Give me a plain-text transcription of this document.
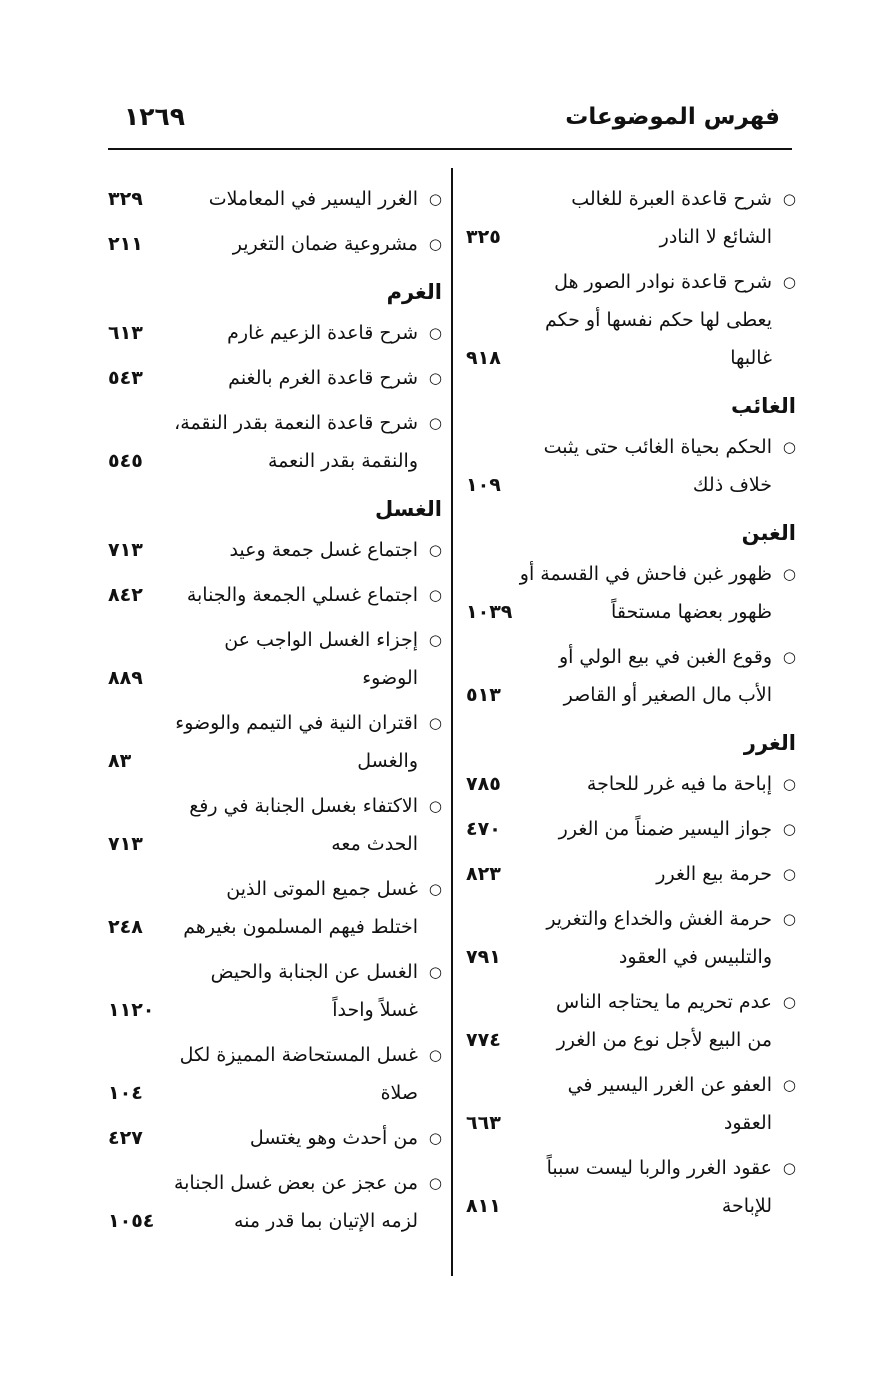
فهرس الموضوعات
١٢٦٩
○
شرح قاعدة العبرة للغالب
الشائع لا النادر
٣٢٥
○
شرح قاعدة نوادر الصور هل
يعطى لها حكم نفسها أو حكم
غالبها
٩١٨
الغائب
○
الحكم بحياة الغائب حتى يثبت
خلاف ذلك
١٠٩
الغبن
○
ظهور غبن فاحش في القسمة أو
ظهور بعضها مستحقاً
١٠٣٩
○
وقوع الغبن في بيع الولي أو
الأب مال الصغير أو القاصر
٥١٣
الغرر
○
إباحة ما فيه غرر للحاجة
٧٨٥
○
جواز اليسير ضمناً من الغرر
٤٧٠
○
حرمة بيع الغرر
٨٢٣
○
حرمة الغش والخداع والتغرير
والتلبيس في العقود
٧٩١
○
عدم تحريم ما يحتاجه الناس
من البيع لأجل نوع من الغرر
٧٧٤
○
العفو عن الغرر اليسير في
العقود
٦٦٣
○
عقود الغرر والربا ليست سبباً
للإباحة
٨١١
○
الغرر اليسير في المعاملات
٣٢٩
○
مشروعية ضمان التغرير
٢١١
الغرم
○
شرح قاعدة الزعيم غارم
٦١٣
○
شرح قاعدة الغرم بالغنم
٥٤٣
○
شرح قاعدة النعمة بقدر النقمة،
والنقمة بقدر النعمة
٥٤٥
الغسل
○
اجتماع غسل جمعة وعيد
٧١٣
○
اجتماع غسلي الجمعة والجنابة
٨٤٢
○
إجزاء الغسل الواجب عن
الوضوء
٨٨٩
○
اقتران النية في التيمم والوضوء
والغسل
٨٣
○
الاكتفاء بغسل الجنابة في رفع
الحدث معه
٧١٣
○
غسل جميع الموتى الذين
اختلط فيهم المسلمون بغيرهم
٢٤٨
○
الغسل عن الجنابة والحيض
غسلاً واحداً
١١٢٠
○
غسل المستحاضة المميزة لكل
صلاة
١٠٤
○
من أحدث وهو يغتسل
٤٢٧
○
من عجز عن بعض غسل الجنابة
لزمه الإتيان بما قدر منه
١٠٥٤
